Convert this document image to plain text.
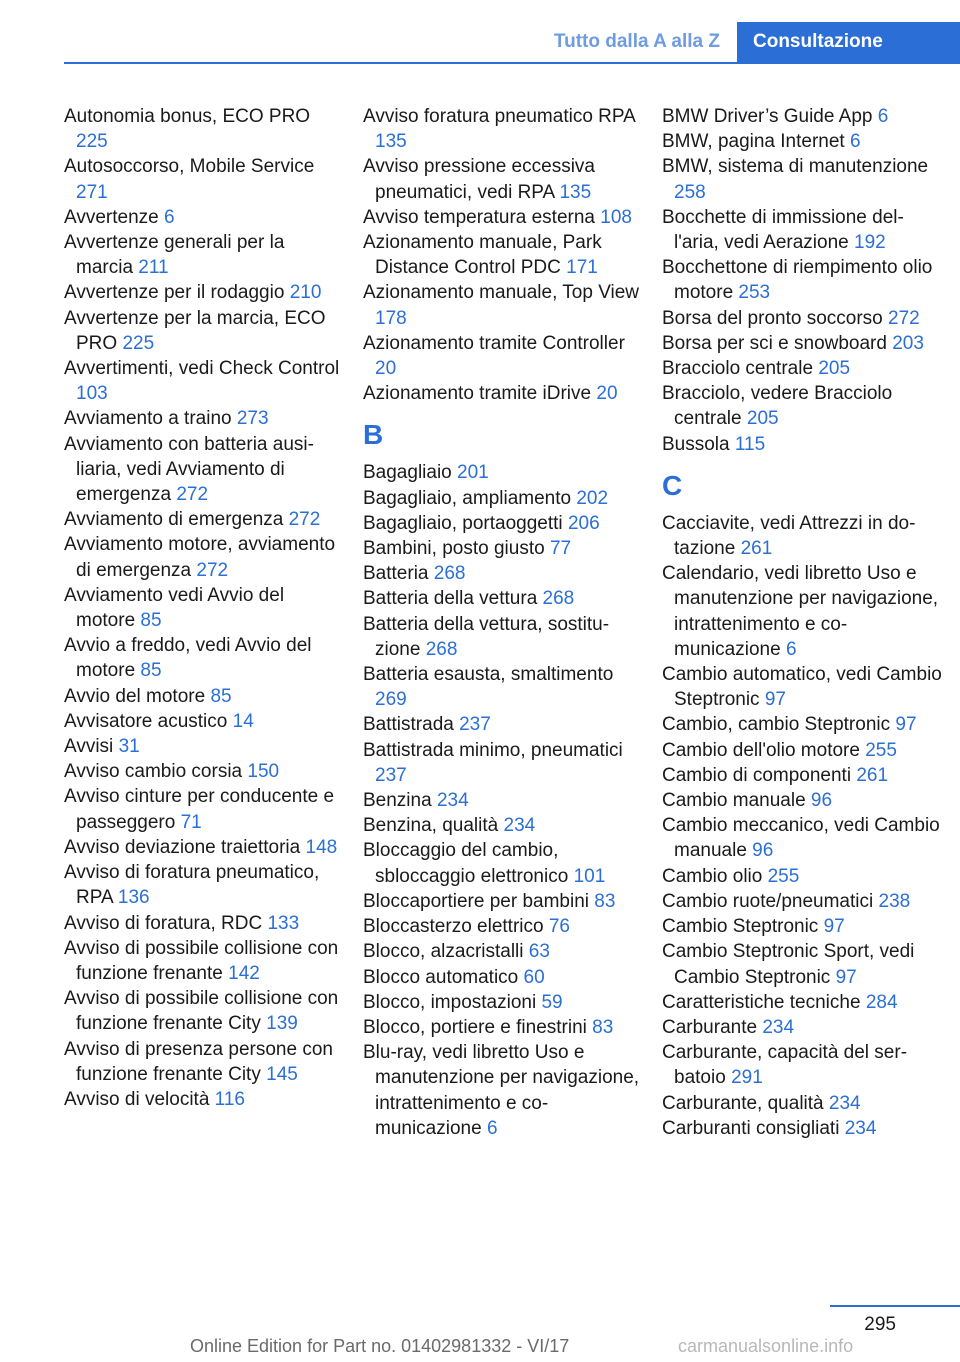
Tutto dalla A alla Z	Consultazione
Autonomia bonus, ECO PRO 225
Autosoccorso, Mobile Service 271
Avvertenze 6
Avvertenze generali per la marcia 211
Avvertenze per il rodaggio 210
Avvertenze per la marcia, ECO PRO 225
Avvertimenti, vedi Check Control 103
Avviamento a traino 273
Avviamento con batteria ausiliaria, vedi Avviamento di emergenza 272
Avviamento di emergenza 272
Avviamento motore, avviamento di emergenza 272
Avviamento vedi Avvio del motore 85
Avvio a freddo, vedi Avvio del motore 85
Avvio del motore 85
Avvisatore acustico 14
Avvisi 31
Avviso cambio corsia 150
Avviso cinture per conducente e passeggero 71
Avviso deviazione traiettoria 148
Avviso di foratura pneumatico, RPA 136
Avviso di foratura, RDC 133
Avviso di possibile collisione con funzione frenante 142
Avviso di possibile collisione con funzione frenante City 139
Avviso di presenza persone con funzione frenante City 145
Avviso di velocità 116
Avviso foratura pneumatico RPA 135
Avviso pressione eccessiva pneumatici, vedi RPA 135
Avviso temperatura esterna 108
Azionamento manuale, Park Distance Control PDC 171
Azionamento manuale, Top View 178
Azionamento tramite Controller 20
Azionamento tramite iDrive 20
B
Bagagliaio 201
Bagagliaio, ampliamento 202
Bagagliaio, portaoggetti 206
Bambini, posto giusto 77
Batteria 268
Batteria della vettura 268
Batteria della vettura, sostituzione 268
Batteria esausta, smaltimento 269
Battistrada 237
Battistrada minimo, pneumatici 237
Benzina 234
Benzina, qualità 234
Bloccaggio del cambio, sbloccaggio elettronico 101
Bloccaportiere per bambini 83
Bloccasterzo elettrico 76
Blocco, alzacristalli 63
Blocco automatico 60
Blocco, impostazioni 59
Blocco, portiere e finestrini 83
Blu-ray, vedi libretto Uso e manutenzione per navigazione, intrattenimento e comunicazione 6
BMW Driver’s Guide App 6
BMW, pagina Internet 6
BMW, sistema di manutenzione 258
Bocchette di immissione dell'aria, vedi Aerazione 192
Bocchettone di riempimento olio motore 253
Borsa del pronto soccorso 272
Borsa per sci e snowboard 203
Bracciolo centrale 205
Bracciolo, vedere Bracciolo centrale 205
Bussola 115
C
Cacciavite, vedi Attrezzi in dotazione 261
Calendario, vedi libretto Uso e manutenzione per navigazione, intrattenimento e comunicazione 6
Cambio automatico, vedi Cambio Steptronic 97
Cambio, cambio Steptronic 97
Cambio dell'olio motore 255
Cambio di componenti 261
Cambio manuale 96
Cambio meccanico, vedi Cambio manuale 96
Cambio olio 255
Cambio ruote/pneumatici 238
Cambio Steptronic 97
Cambio Steptronic Sport, vedi Cambio Steptronic 97
Caratteristiche tecniche 284
Carburante 234
Carburante, capacità del serbatoio 291
Carburante, qualità 234
Carburanti consigliati 234
295
Online Edition for Part no. 01402981332 - VI/17	carmanualsonline.info
